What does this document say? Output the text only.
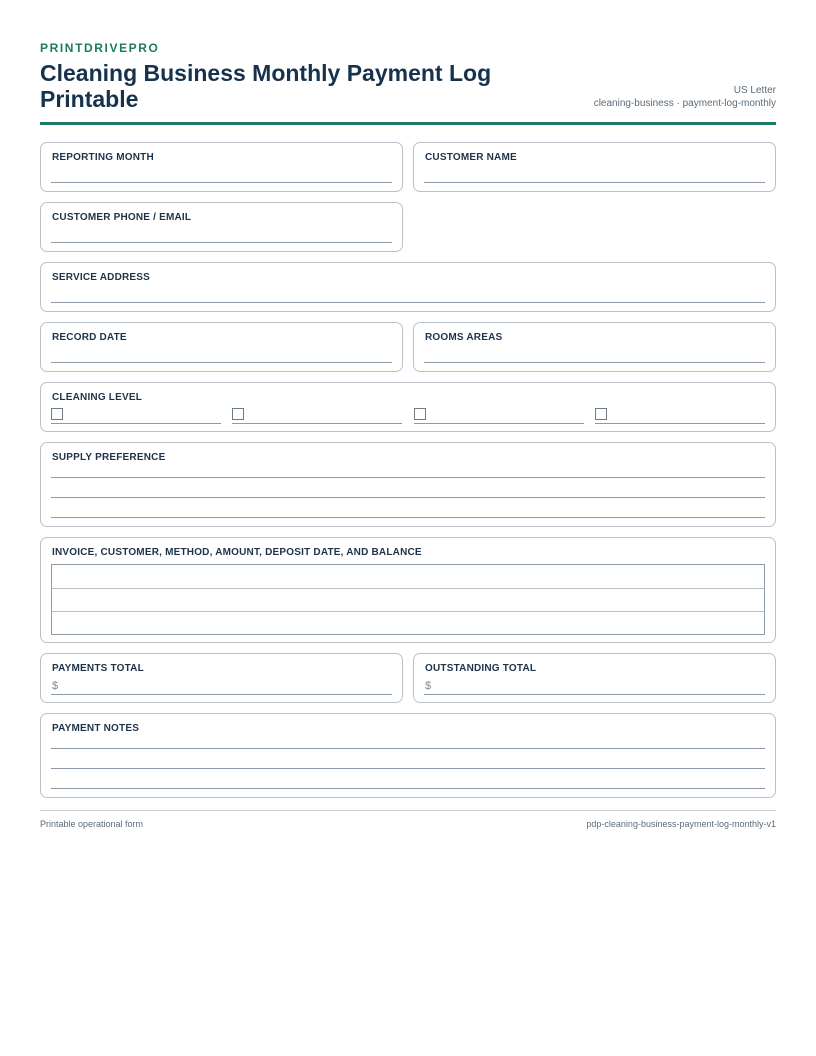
PRINTDRIVEPRO
Cleaning Business Monthly Payment Log Printable	US Letter
cleaning-business · payment-log-monthly
REPORTING MONTH	CUSTOMER NAME
CUSTOMER PHONE / EMAIL
SERVICE ADDRESS
RECORD DATE	ROOMS AREAS
CLEANING LEVEL
SUPPLY PREFERENCE
INVOICE, CUSTOMER, METHOD, AMOUNT, DEPOSIT DATE, AND BALANCE
PAYMENTS TOTAL
$
OUTSTANDING TOTAL
$
PAYMENT NOTES
Printable operational form	pdp-cleaning-business-payment-log-monthly-v1
